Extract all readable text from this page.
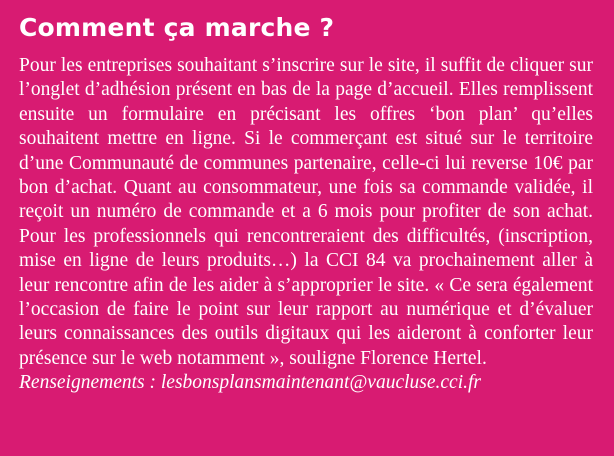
Comment ça marche ?

Pour les entreprises souhaitant s’inscrire sur le site, il suffit de cliquer sur l’onglet d’adhésion présent en bas de la page d’accueil. Elles remplissent ensuite un formulaire en précisant les offres ‘bon plan’ qu’elles souhaitent mettre en ligne. Si le commerçant est situé sur le territoire d’une Communauté de communes partenaire, celle-ci lui reverse 10€ par bon d’achat. Quant au consommateur, une fois sa commande validée, il reçoit un numéro de commande et a 6 mois pour profiter de son achat. Pour les professionnels qui rencontreraient des difficultés, (inscription, mise en ligne de leurs produits…) la CCI 84 va prochainement aller à leur rencontre afin de les aider à s’approprier le site. « Ce sera également l’occasion de faire le point sur leur rapport au numérique et d’évaluer leurs connaissances des outils digitaux qui les aideront à conforter leur présence sur le web notamment », souligne Florence Hertel.

Renseignements : lesbonsplansmaintenant@vaucluse.cci.fr
